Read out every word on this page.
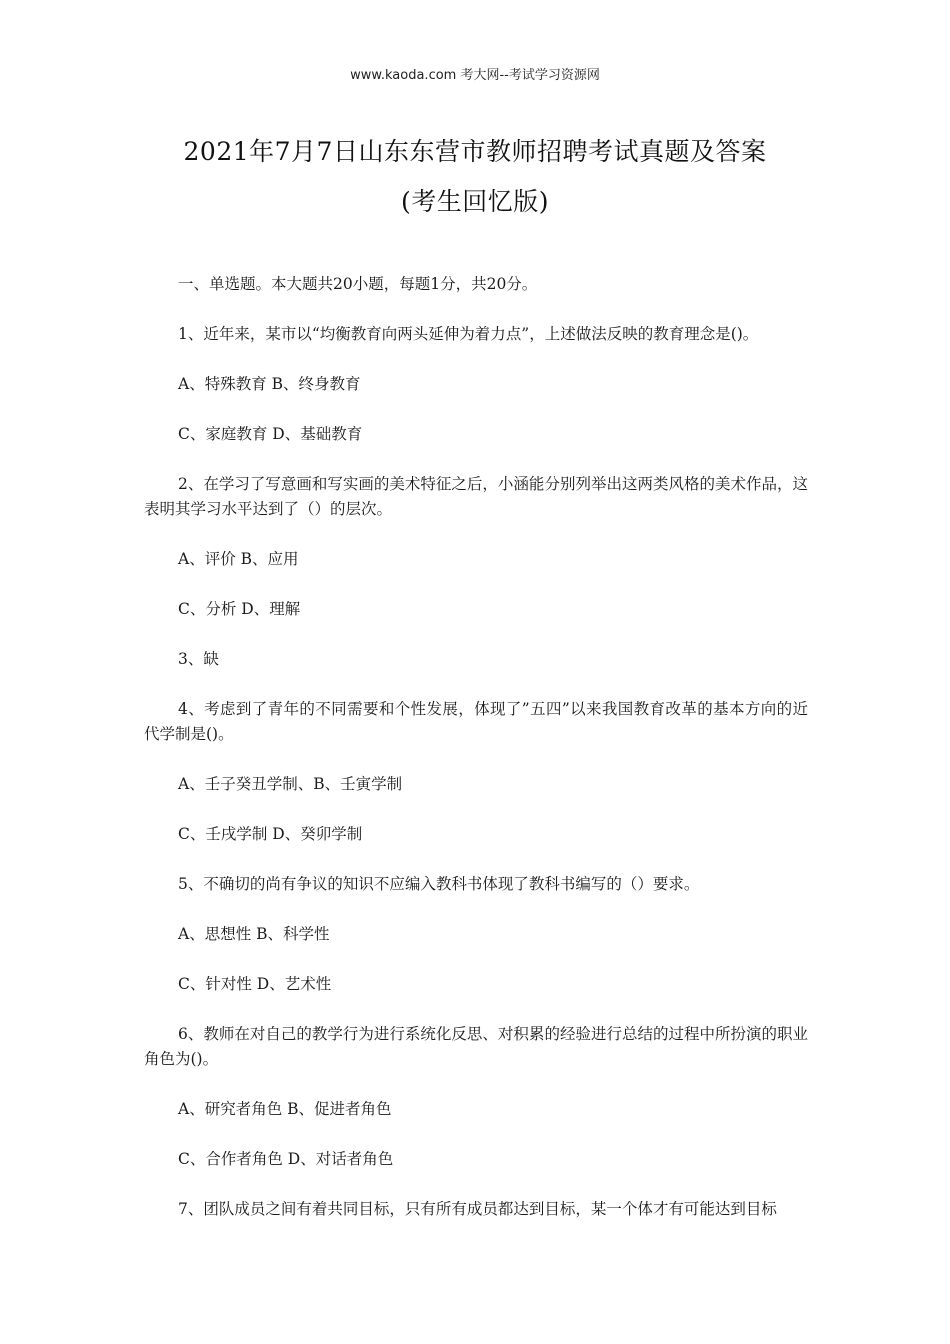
www.kaoda.com 考大网--考试学习资源网
2021年7月7日山东东营市教师招聘考试真题及答案
(考生回忆版)

一、单选题。本大题共20小题，每题1分，共20分。

1、近年来，某市以“均衡教育向两头延伸为着力点”，上述做法反映的教育理念是()。

A、特殊教育 B、终身教育

C、家庭教育 D、基础教育

2、在学习了写意画和写实画的美术特征之后，小涵能分别列举出这两类风格的美术作品，这表明其学习水平达到了（）的层次。

A、评价 B、应用

C、分析 D、理解

3、缺

4、考虑到了青年的不同需要和个性发展，体现了”五四”以来我国教育改革的基本方向的近代学制是()。

A、壬子癸丑学制、B、壬寅学制

C、壬戌学制 D、癸卯学制

5、不确切的尚有争议的知识不应编入教科书体现了教科书编写的（）要求。

A、思想性 B、科学性

C、针对性 D、艺术性

6、教师在对自己的教学行为进行系统化反思、对积累的经验进行总结的过程中所扮演的职业角色为()。

A、研究者角色 B、促进者角色

C、合作者角色 D、对话者角色

7、团队成员之间有着共同目标，只有所有成员都达到目标，某一个体才有可能达到目标
